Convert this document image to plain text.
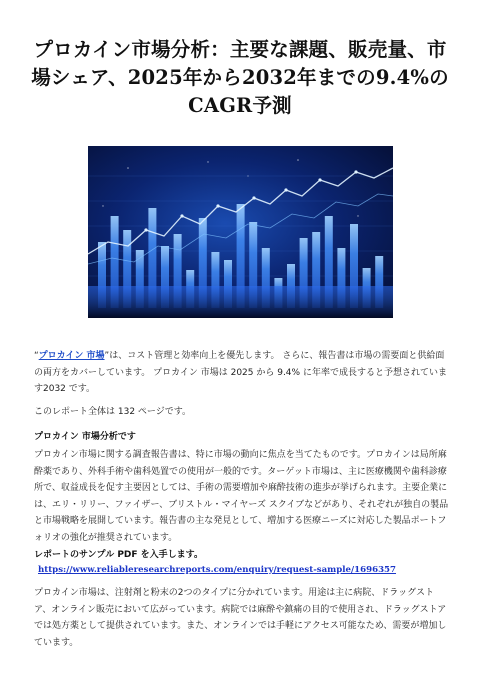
プロカイン市場分析：主要な課題、販売量、市場シェア、2025年から2032年までの9.4%のCAGR予測

“プロカイン 市場”は、コスト管理と効率向上を優先します。 さらに、報告書は市場の需要面と供給面の両方をカバーしています。 プロカイン 市場は 2025 から 9.4% に年率で成長すると予想されています2032 です。

このレポート全体は 132 ページです。

プロカイン 市場分析です

プロカイン市場に関する調査報告書は、特に市場の動向に焦点を当てたものです。プロカインは局所麻酔薬であり、外科手術や歯科処置での使用が一般的です。ターゲット市場は、主に医療機関や歯科診療所で、収益成長を促す主要因としては、手術の需要増加や麻酔技術の進歩が挙げられます。主要企業には、エリ・リリー、ファイザー、ブリストル・マイヤーズ スクイブなどがあり、それぞれが独自の製品と市場戦略を展開しています。報告書の主な発見として、増加する医療ニーズに対応した製品ポートフォリオの強化が推奨されています。

レポートのサンプル PDF を入手します。https://www.reliableresearchreports.com/enquiry/request-sample/1696357

プロカイン市場は、注射剤と粉末の2つのタイプに分かれています。用途は主に病院、ドラッグストア、オンライン販売において広がっています。病院では麻酔や鎮痛の目的で使用され、ドラッグストアでは処方薬として提供されています。また、オンラインでは手軽にアクセス可能なため、需要が増加しています。
